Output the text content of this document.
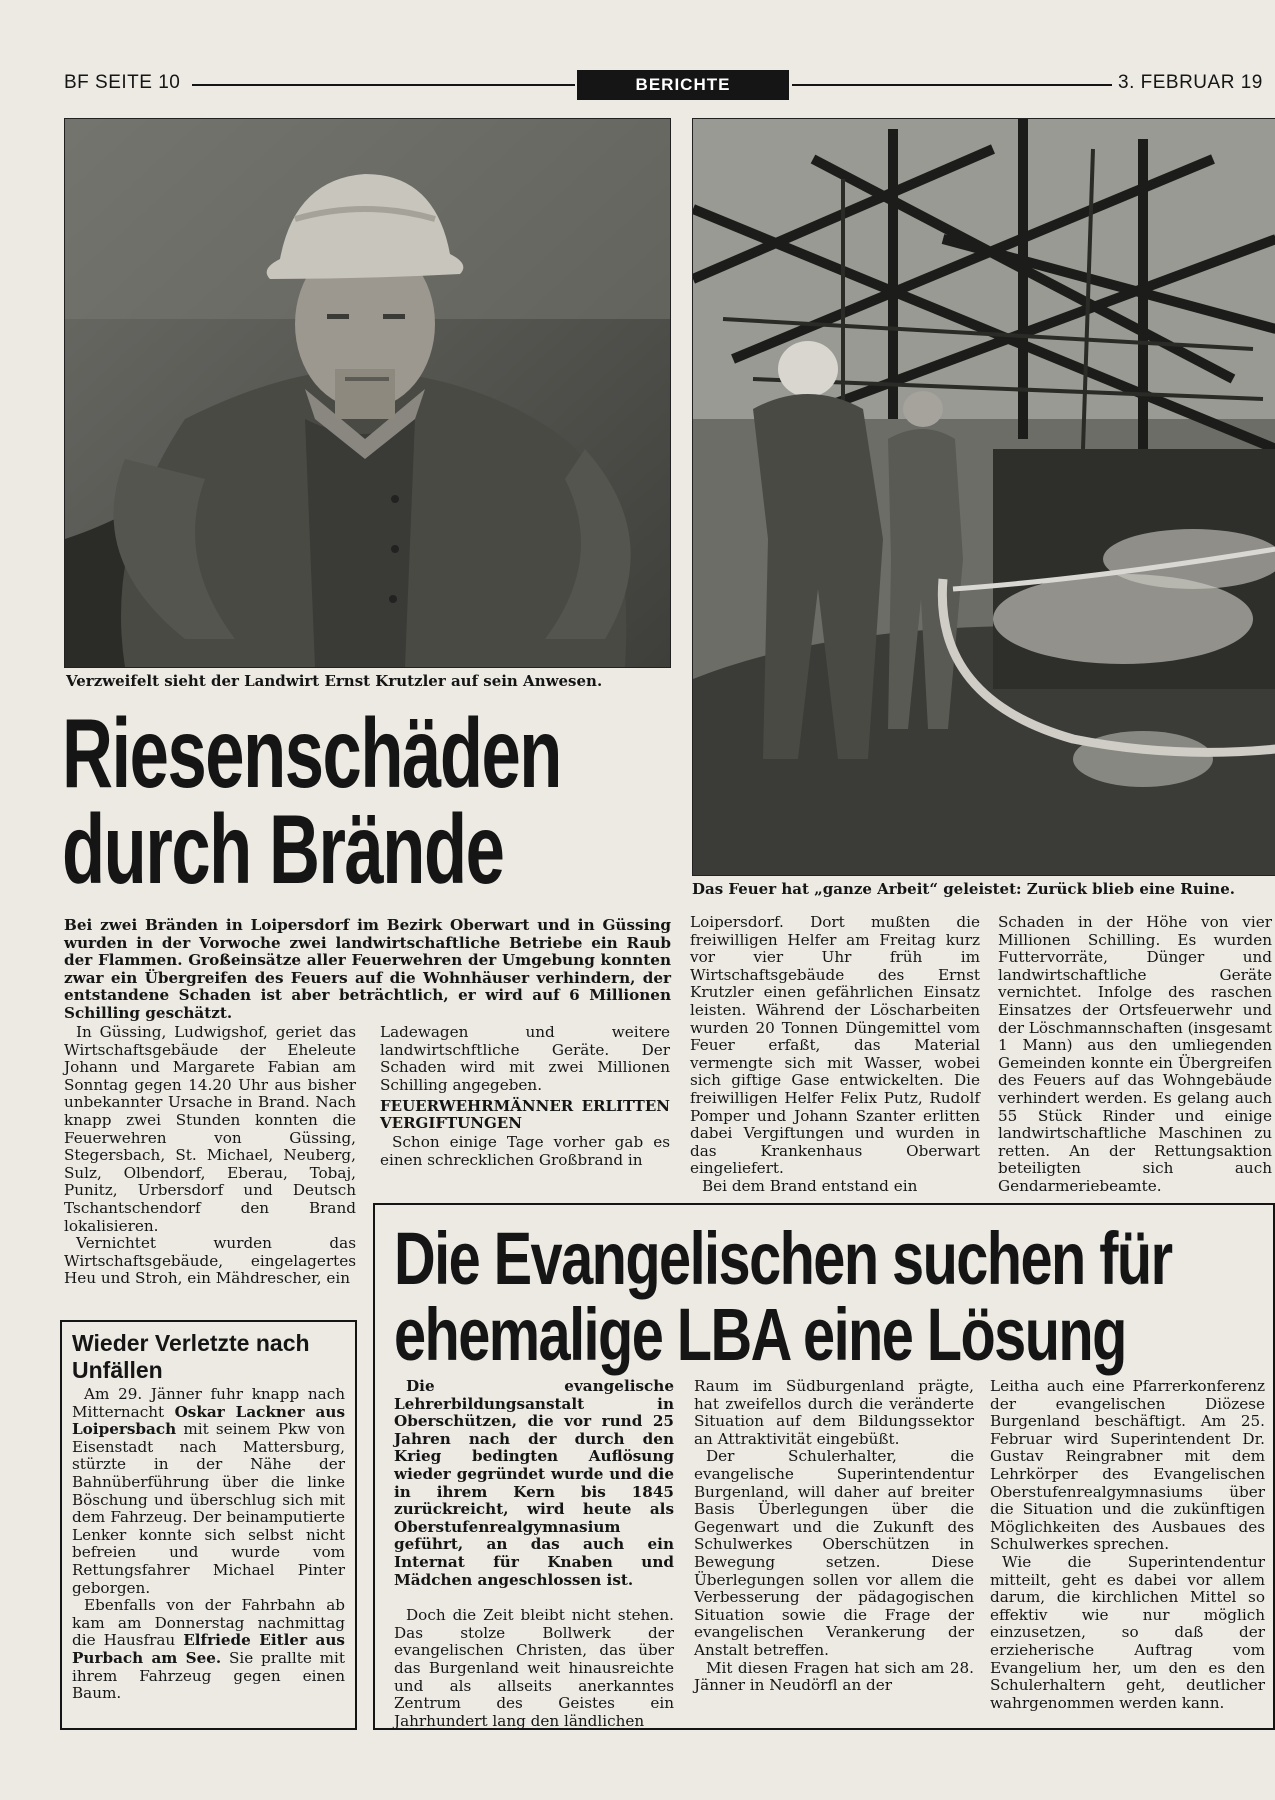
BF SEITE 10	BERICHTE	3. FEBRUAR 19
Verzweifelt sieht der Landwirt Ernst Krutzler auf sein Anwesen.
Das Feuer hat „ganze Arbeit“ geleistet: Zurück blieb eine Ruine.
Riesenschäden
durch Brände

Bei zwei Bränden in Loipersdorf im Bezirk Oberwart und in Güssing wurden in der Vorwoche zwei landwirtschaftliche Betriebe ein Raub der Flammen. Großeinsätze aller Feuerwehren der Umgebung konnten zwar ein Übergreifen des Feuers auf die Wohnhäuser verhindern, der entstandene Schaden ist aber beträchtlich, er wird auf 6 Millionen Schilling geschätzt.

In Güssing, Ludwigshof, geriet das Wirtschaftsgebäude der Eheleute Johann und Margarete Fabian am Sonntag gegen 14.20 Uhr aus bisher unbekannter Ursache in Brand. Nach knapp zwei Stunden konnten die Feuerwehren von Güssing, Stegersbach, St. Michael, Neuberg, Sulz, Olbendorf, Eberau, Tobaj, Punitz, Urbersdorf und Deutsch Tschantschendorf den Brand lokalisieren.

Vernichtet wurden das Wirtschaftsgebäude, eingelagertes Heu und Stroh, ein Mähdrescher, ein

Ladewagen und weitere landwirtschftliche Geräte. Der Schaden wird mit zwei Millionen Schilling angegeben.

FEUERWEHRMÄNNER ERLITTEN VERGIFTUNGEN

Schon einige Tage vorher gab es einen schrecklichen Großbrand in

Loipersdorf. Dort mußten die freiwilligen Helfer am Freitag kurz vor vier Uhr früh im Wirtschaftsgebäude des Ernst Krutzler einen gefährlichen Einsatz leisten. Während der Löscharbeiten wurden 20 Tonnen Düngemittel vom Feuer erfaßt, das Material vermengte sich mit Wasser, wobei sich giftige Gase entwickelten. Die freiwilligen Helfer Felix Putz, Rudolf Pomper und Johann Szanter erlitten dabei Vergiftungen und wurden in das Krankenhaus Oberwart eingeliefert.

Bei dem Brand entstand ein

Schaden in der Höhe von vier Millionen Schilling. Es wurden Futtervorräte, Dünger und landwirtschaftliche Geräte vernichtet. Infolge des raschen Einsatzes der Ortsfeuerwehr und der Löschmannschaften (insgesamt 1 Mann) aus den umliegenden Gemeinden konnte ein Übergreifen des Feuers auf das Wohngebäude verhindert werden. Es gelang auch 55 Stück Rinder und einige landwirtschaftliche Maschinen zu retten. An der Rettungsaktion beteiligten sich auch Gendarmeriebeamte.

Wieder Verletzte nach Unfällen

Am 29. Jänner fuhr knapp nach Mitternacht Oskar Lackner aus Loipersbach mit seinem Pkw von Eisenstadt nach Mattersburg, stürzte in der Nähe der Bahnüberführung über die linke Böschung und überschlug sich mit dem Fahrzeug. Der beinamputierte Lenker konnte sich selbst nicht befreien und wurde vom Rettungsfahrer Michael Pinter geborgen.

Ebenfalls von der Fahrbahn ab kam am Donnerstag nachmittag die Hausfrau Elfriede Eitler aus Purbach am See. Sie prallte mit ihrem Fahrzeug gegen einen Baum.

Die Evangelischen suchen für
ehemalige LBA eine Lösung

Die evangelische Lehrerbildungsanstalt in Oberschützen, die vor rund 25 Jahren nach der durch den Krieg bedingten Auflösung wieder gegründet wurde und die in ihrem Kern bis 1845 zurückreicht, wird heute als Oberstufenrealgymnasium geführt, an das auch ein Internat für Knaben und Mädchen angeschlossen ist.

Doch die Zeit bleibt nicht stehen. Das stolze Bollwerk der evangelischen Christen, das über das Burgenland weit hinausreichte und als allseits anerkanntes Zentrum des Geistes ein Jahrhundert lang den ländlichen

Raum im Südburgenland prägte, hat zweifellos durch die veränderte Situation auf dem Bildungssektor an Attraktivität eingebüßt.

Der Schulerhalter, die evangelische Superintendentur Burgenland, will daher auf breiter Basis Überlegungen über die Gegenwart und die Zukunft des Schulwerkes Oberschützen in Bewegung setzen. Diese Überlegungen sollen vor allem die Verbesserung der pädagogischen Situation sowie die Frage der evangelischen Verankerung der Anstalt betreffen.

Mit diesen Fragen hat sich am 28. Jänner in Neudörfl an der

Leitha auch eine Pfarrerkonferenz der evangelischen Diözese Burgenland beschäftigt. Am 25. Februar wird Superintendent Dr. Gustav Reingrabner mit dem Lehrkörper des Evangelischen Oberstufenrealgymnasiums über die Situation und die zukünftigen Möglichkeiten des Ausbaues des Schulwerkes sprechen.

Wie die Superintendentur mitteilt, geht es dabei vor allem darum, die kirchlichen Mittel so effektiv wie nur möglich einzusetzen, so daß der erzieherische Auftrag vom Evangelium her, um den es den Schulerhaltern geht, deutlicher wahrgenommen werden kann.
